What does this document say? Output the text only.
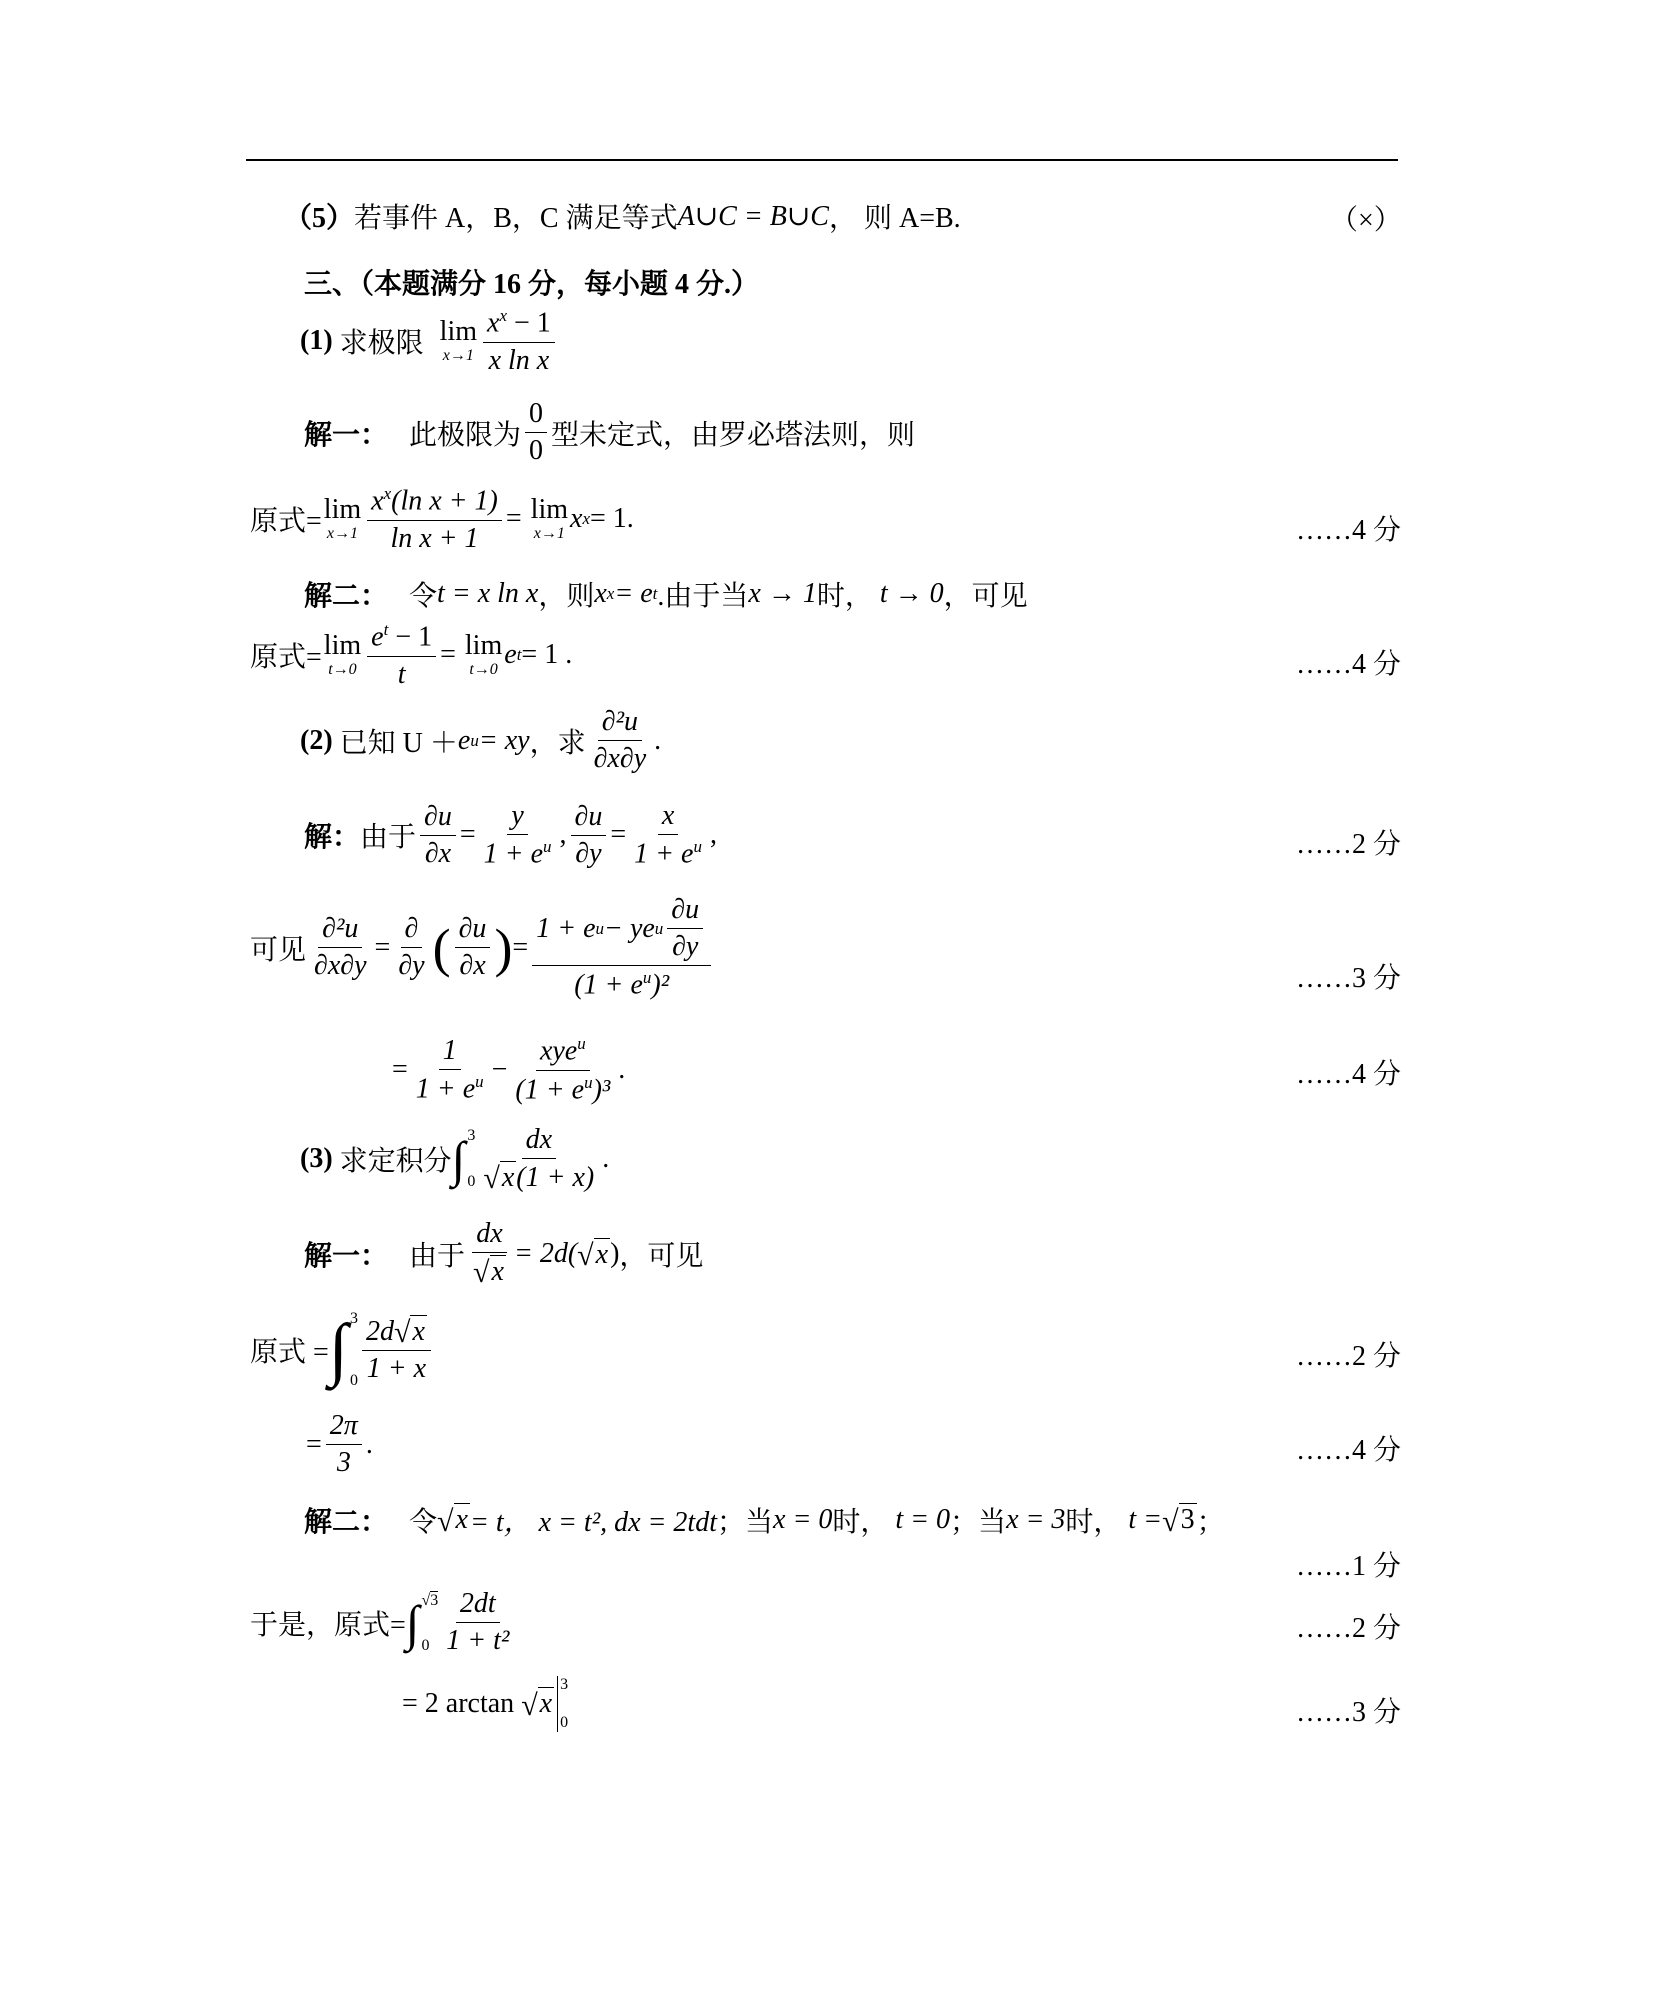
（5） 若事件 A，B，C 满足等式 A∪C = B∪C ， 则 A=B.	（×）
三、（本题满分 16 分，每小题 4 分.）
(1)
求极限
lim
$x\to 1 \frac{x^x - 1}{\text{x ln x}}$
解一：
此极限为 $\frac{0}{0}$ 型未定式，由罗必塔法则，则
原式= lim
$x\to 1 \frac{x^x(\ln x + 1)}{\text{ln x + 1}}$ =
lim
x→1 x x = 1.	……4 分
解二：
令 t = x ln x ，则 x x = e t .由于当 x → 1 时，
t → 0 ，可见
原式= lim
$t\to 0 \frac{e^t - 1}{t}$ =
lim
t→0 e t = 1 .	……4 分
(2)
已知 U ＋ e u = xy ，求 $\frac{\text{∂²u}}{\partial x\partial y}$ .
解： 由于 $\frac{\partial u}{\partial x} = \frac{y}{1 + e^u}$ , $\frac{\partial u}{\partial y} = \frac{x}{1 + e^u}$ ,	……2 分
可见 $\frac{\text{∂²u}}{\partial x\partial y} = \frac{\partial}{\partial y}$ ( $\frac{\partial u}{\partial x}$ ) = $\frac{1 + e u - ye u \frac{\partial u}{\partial y}}{(1 + e^u)^2}$	……3 分
= $\frac{1}{1 + e^u} - \frac{xye^u}{(1 + e^u)^3}$ .	……4 分
(3)
求定积分 ∫ 3
$0 \frac{dx}{√ x (1 + x)}$ .
解一：
由于 $\frac{dx}{√ x} = 2d$( √ x ) ，可见
原式 = ∫ 3
$0 \frac{2d √ x}{1 + x}$	……2 分
= $\frac{2\pi}{3}$ .	……4 分
解二：
令 √ x = t， x = t², dx = 2tdt ；当 x = 0 时，
t = 0 ；当 x = 3 时，
t = √ 3 ；
……1 分
于是，原式= ∫ √ 3
$0 \frac{2dt}{\text{1 + t²}}$	……2 分
= 2 arctan
√ x
3
0	……3 分
